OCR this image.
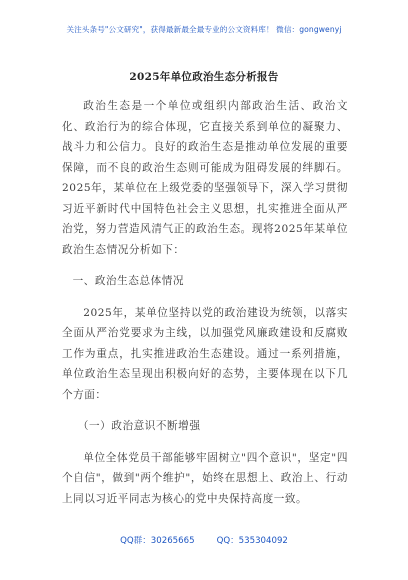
关注头条号"公文研究"，获得最新最全最专业的公文资料库！ 微信：gongwenyj
2025年单位政治生态分析报告

政治生态是一个单位或组织内部政治生活、政治文化、政治行为的综合体现，它直接关系到单位的凝聚力、战斗力和公信力。良好的政治生态是推动单位发展的重要保障，而不良的政治生态则可能成为阻碍发展的绊脚石。2025年，某单位在上级党委的坚强领导下，深入学习贯彻习近平新时代中国特色社会主义思想，扎实推进全面从严治党，努力营造风清气正的政治生态。现将2025年某单位政治生态情况分析如下：

一、政治生态总体情况

2025年，某单位坚持以党的政治建设为统领，以落实全面从严治党要求为主线，以加强党风廉政建设和反腐败工作为重点，扎实推进政治生态建设。通过一系列措施，单位政治生态呈现出积极向好的态势，主要体现在以下几个方面：

（一）政治意识不断增强

单位全体党员干部能够牢固树立"四个意识"，坚定"四个自信"，做到"两个维护"，始终在思想上、政治上、行动上同以习近平同志为核心的党中央保持高度一致。

QQ群：30265665	QQ：535304092
